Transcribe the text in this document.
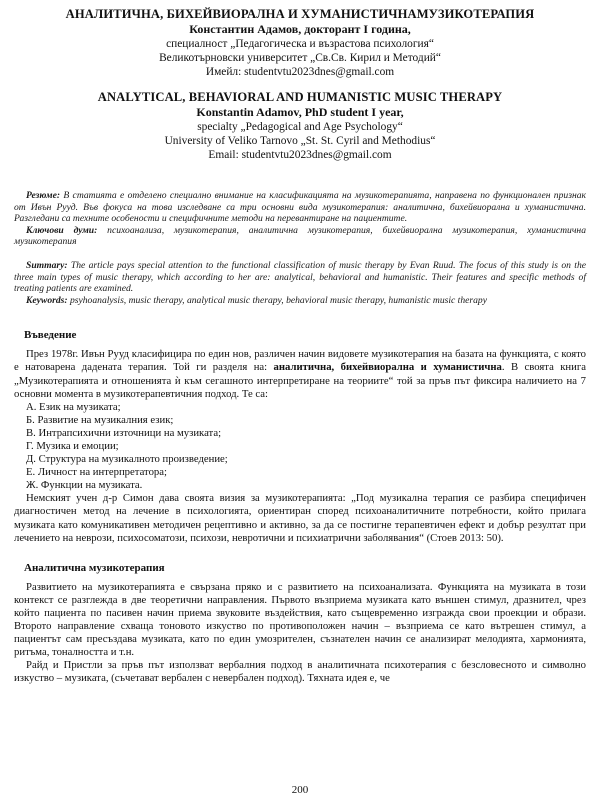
АНАЛИТИЧНА, БИХЕЙВИОРАЛНА И ХУМАНИСТИЧНАМУЗИКОТЕРАПИЯ
Константин Адамов, докторант I година,
специалност „Педагогическа и възрастова психология“
Великотърновски университет „Св.Св. Кирил и Методий“
Имейл: studentvtu2023dnes@gmail.com
ANALYTICAL, BEHAVIORAL AND HUMANISTIC MUSIC THERAPY
Konstantin Adamov, PhD student I year,
specialty „Pedagogical and Age Psychology“
University of Veliko Tarnovo „St. St. Cyril and Methodius“
Email: studentvtu2023dnes@gmail.com

Резюме: В статията е отделено специално внимание на класификацията на музикотерапията, направена по функционален признак от Ивън Рууд. Във фокуса на това изследване са три основни вида музикотерапия: аналитична, бихейвиорална и хуманистична. Разгледани са техните особености и специфичните методи на перевантиране на пациентите.

Ключови думи: психоанализа, музикотерапия, аналитична музикотерапия, бихейвиорална музикотерапия, хуманистична музикотерапия

Summary: The article pays special attention to the functional classification of music therapy by Evan Ruud. The focus of this study is on the three main types of music therapy, which according to her are: analytical, behavioral and humanistic. Their features and specific methods of treating patients are examined.

Keywords: psyhoanalysis, music therapy, analytical music therapy, behavioral music therapy, humanistic music therapy

Въведение

През 1978г. Ивън Рууд класифицира по един нов, различен начин видовете музикотерапия на базата на функцията, с която е натоварена дадената терапия. Той ги разделя на: аналитична, бихейвиорална и хуманистична. В своята книга „Музикотерапията и отношенията ѝ към сегашното интерпретиране на теориите“ той за пръв път фиксира наличието на 7 основни момента в музикотерапевтичния подход. Те са:

А. Език на музиката;
Б. Развитие на музикалния език;
В. Интрапсихични източници на музиката;
Г. Музика и емоции;
Д. Структура на музикалното произведение;
Е. Личност на интерпретатора;
Ж. Функции на музиката.

Немският учен д-р Симон дава своята визия за музикотерапията: „Под музикална терапия се разбира специфичен диагностичен метод на лечение в психологията, ориентиран според психоаналитичните потребности, който прилага музиката като комуникативен методичен рецептивно и активно, за да се постигне терапевтичен ефект и добър резултат при лечението на неврози, психосоматози, психози, невротични и психиатрични заболявания“ (Стоев 2013: 50).

Аналитична музикотерапия

Развитието на музикотерапията е свързана пряко и с развитието на психоанализата. Функцията на музиката в този контекст се разглежда в две теоретични направления. Първото възприема музиката като външен стимул, дразнител, чрез който пациента по пасивен начин приема звуковите въздействия, като същевременно изгражда свои проекции и образи. Второто направление схваща тоновото изкуство по противоположен начин – възприема се като вътрешен стимул, а пациентът сам пресъздава музиката, като по един умозрителен, съзнателен начин се анализират мелодията, хармонията, ритъма, тоналността и т.н.

Райд и Пристли за пръв път използват вербалния подход в аналитичната психотерапия с безсловесното и символно изкуство – музиката, (съчетават вербален с невербален подход). Тяхната идея е, че

200
